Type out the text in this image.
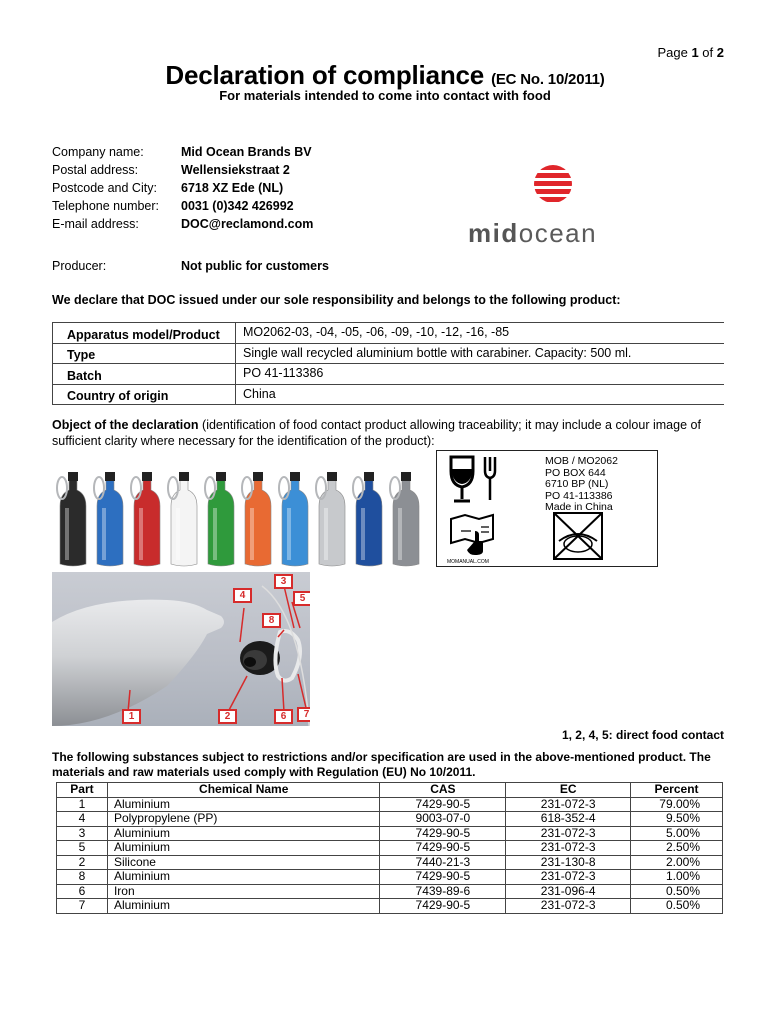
Page 1 of 2
Declaration of compliance (EC No. 10/2011)
For materials intended to come into contact with food
Company name:	Mid Ocean Brands BV
Postal address:	Wellensiekstraat 2
Postcode and City:	6718 XZ Ede (NL)
Telephone number:	0031 (0)342 426992
E-mail address:	DOC@reclamond.com
Producer:	Not public for customers
midocean
We declare that DOC issued under our sole responsibility and belongs to the following product:
Apparatus model/Product	MO2062-03, -04, -05, -06, -09, -10, -12, -16, -85
Type	Single wall recycled aluminium bottle with carabiner. Capacity: 500 ml.
Batch	PO 41-113386
Country of origin	China
Object of the declaration (identification of food contact product allowing traceability; it may include a colour image of sufficient clarity where necessary for the identification of the product):
MOB / MO2062
PO BOX 644
6710 BP (NL)
PO 41-113386
Made in China
MOMANUAL.COM
1	2
3
4	5
6	7
8
1, 2, 4, 5: direct food contact
The following substances subject to restrictions and/or specification are used in the above-mentioned product. The materials and raw materials used comply with Regulation (EU) No 10/2011.
Part	Chemical Name	CAS	EC	Percent
1	Aluminium	7429-90-5	231-072-3	79.00%
4	Polypropylene (PP)	9003-07-0	618-352-4	9.50%
3	Aluminium	7429-90-5	231-072-3	5.00%
5	Aluminium	7429-90-5	231-072-3	2.50%
2	Silicone	7440-21-3	231-130-8	2.00%
8	Aluminium	7429-90-5	231-072-3	1.00%
6	Iron	7439-89-6	231-096-4	0.50%
7	Aluminium	7429-90-5	231-072-3	0.50%
